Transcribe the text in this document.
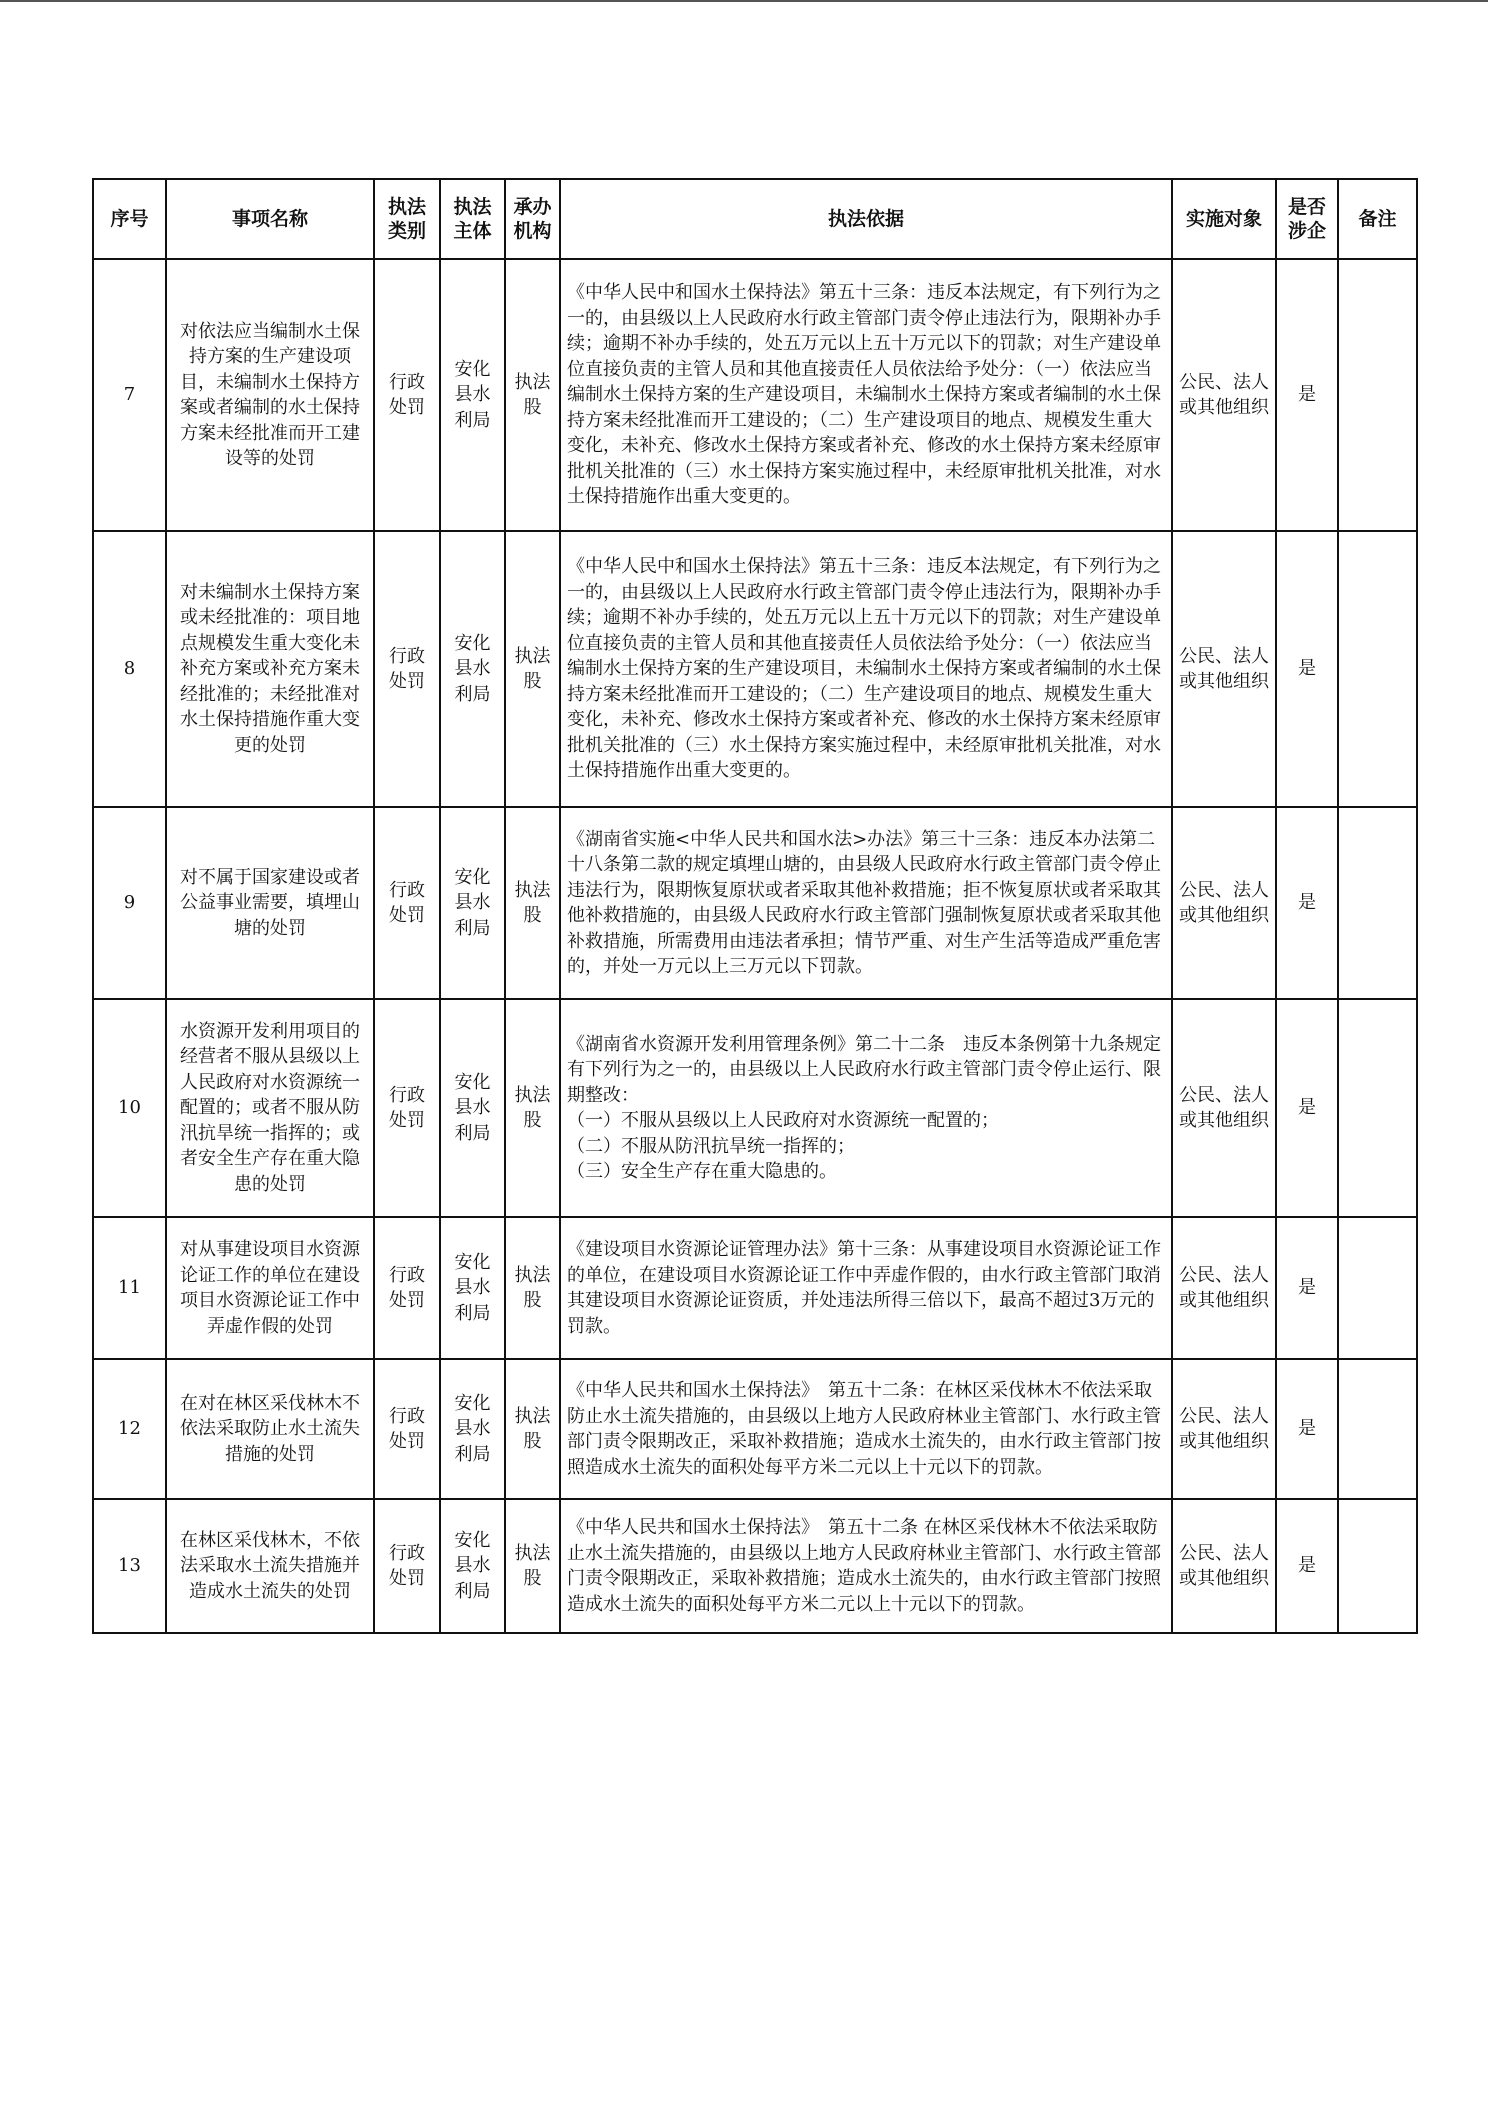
序号	事项名称	执法类别	执法主体	承办机构	执法依据	实施对象	是否涉企	备注
7	对依法应当编制水土保持方案的生产建设项目，未编制水土保持方案或者编制的水土保持方案未经批准而开工建设等的处罚	行政处罚	安化县水利局	执法股	《中华人民中和国水土保持法》第五十三条：违反本法规定，有下列行为之一的，由县级以上人民政府水行政主管部门责令停止违法行为，限期补办手续；逾期不补办手续的，处五万元以上五十万元以下的罚款；对生产建设单位直接负责的主管人员和其他直接责任人员依法给予处分：（一）依法应当编制水土保持方案的生产建设项目，未编制水土保持方案或者编制的水土保持方案未经批准而开工建设的；（二）生产建设项目的地点、规模发生重大变化，未补充、修改水土保持方案或者补充、修改的水土保持方案未经原审批机关批准的（三）水土保持方案实施过程中，未经原审批机关批准，对水土保持措施作出重大变更的。	公民、法人或其他组织	是	
8	对未编制水土保持方案或未经批准的：项目地点规模发生重大变化未补充方案或补充方案未经批准的；未经批准对水土保持措施作重大变更的处罚	行政处罚	安化县水利局	执法股	《中华人民中和国水土保持法》第五十三条：违反本法规定，有下列行为之一的，由县级以上人民政府水行政主管部门责令停止违法行为，限期补办手续；逾期不补办手续的，处五万元以上五十万元以下的罚款；对生产建设单位直接负责的主管人员和其他直接责任人员依法给予处分：（一）依法应当编制水土保持方案的生产建设项目，未编制水土保持方案或者编制的水土保持方案未经批准而开工建设的；（二）生产建设项目的地点、规模发生重大变化，未补充、修改水土保持方案或者补充、修改的水土保持方案未经原审批机关批准的（三）水土保持方案实施过程中，未经原审批机关批准，对水土保持措施作出重大变更的。	公民、法人或其他组织	是	
9	对不属于国家建设或者公益事业需要，填埋山塘的处罚	行政处罚	安化县水利局	执法股	《湖南省实施<中华人民共和国水法>办法》第三十三条：违反本办法第二十八条第二款的规定填埋山塘的，由县级人民政府水行政主管部门责令停止违法行为，限期恢复原状或者采取其他补救措施；拒不恢复原状或者采取其他补救措施的，由县级人民政府水行政主管部门强制恢复原状或者采取其他补救措施，所需费用由违法者承担；情节严重、对生产生活等造成严重危害的，并处一万元以上三万元以下罚款。	公民、法人或其他组织	是	
10	水资源开发利用项目的经营者不服从县级以上人民政府对水资源统一配置的；或者不服从防汛抗旱统一指挥的；或者安全生产存在重大隐患的处罚	行政处罚	安化县水利局	执法股	《湖南省水资源开发利用管理条例》第二十二条　违反本条例第十九条规定有下列行为之一的，由县级以上人民政府水行政主管部门责令停止运行、限期整改：
（一）不服从县级以上人民政府对水资源统一配置的；
（二）不服从防汛抗旱统一指挥的；
（三）安全生产存在重大隐患的。	公民、法人或其他组织	是	
11	对从事建设项目水资源论证工作的单位在建设项目水资源论证工作中弄虚作假的处罚	行政处罚	安化县水利局	执法股	《建设项目水资源论证管理办法》第十三条：从事建设项目水资源论证工作的单位，在建设项目水资源论证工作中弄虚作假的，由水行政主管部门取消其建设项目水资源论证资质，并处违法所得三倍以下，最高不超过3万元的罚款。	公民、法人或其他组织	是	
12	在对在林区采伐林木不依法采取防止水土流失措施的处罚	行政处罚	安化县水利局	执法股	《中华人民共和国水土保持法》　第五十二条：在林区采伐林木不依法采取防止水土流失措施的，由县级以上地方人民政府林业主管部门、水行政主管部门责令限期改正，采取补救措施；造成水土流失的，由水行政主管部门按照造成水土流失的面积处每平方米二元以上十元以下的罚款。	公民、法人或其他组织	是	
13	在林区采伐林木，不依法采取水土流失措施并造成水土流失的处罚	行政处罚	安化县水利局	执法股	《中华人民共和国水土保持法》　第五十二条 在林区采伐林木不依法采取防止水土流失措施的，由县级以上地方人民政府林业主管部门、水行政主管部门责令限期改正，采取补救措施；造成水土流失的，由水行政主管部门按照造成水土流失的面积处每平方米二元以上十元以下的罚款。	公民、法人或其他组织	是	
